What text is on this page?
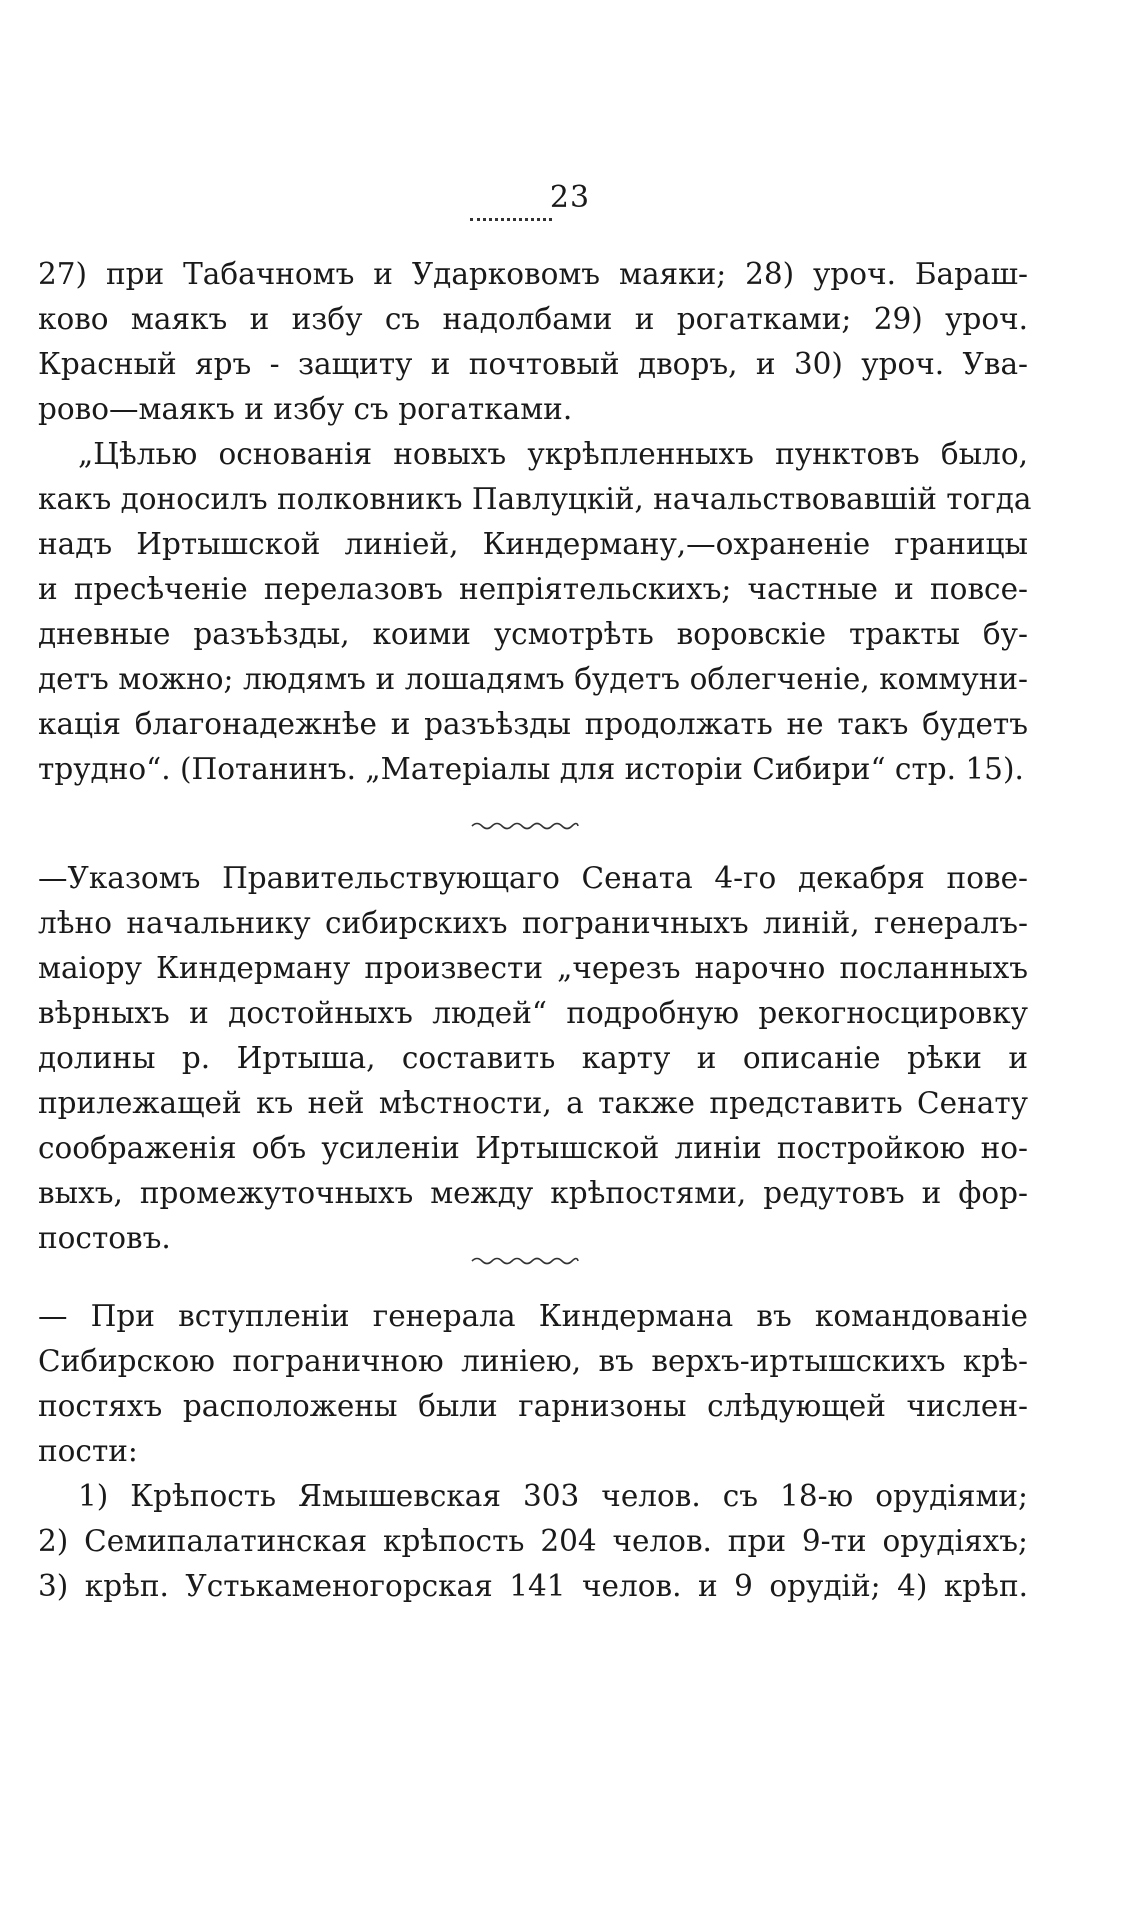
23
27) при Табачномъ и Ударковомъ маяки; 28) уроч. Барaш-
ково маякъ и избу съ надолбами и рогатками; 29) уроч.
Красный яръ - защиту и почтовый дворъ, и 30) уроч. Ува-
рово—маякъ и избу съ рогатками.
„Цѣлью основанія новыхъ укрѣпленныхъ пунктовъ было,
какъ доносилъ полковникъ Павлуцкій, начальствовавшій тогда
надъ Иртышской линіей, Киндерману,—охраненіе границы
и пресѣченіе перелазовъ непріятельскихъ; частные и повсе-
дневные разъѣзды, коими усмотрѣть воровскіе тракты бу-
детъ можно; людямъ и лошадямъ будетъ облегченіе, коммуни-
кація благонадежнѣе и разъѣзды продолжать не такъ будетъ
трудно“. (Потанинъ. „Матеріалы для исторіи Сибири“ стр. 15).
—Указомъ Правительствующаго Сената 4-го декабря пове-
лѣно начальнику сибирскихъ пограничныхъ линій, генералъ-
маіору Киндерману произвести „черезъ нарочно посланныхъ
вѣрныхъ и достойныхъ людей“ подробную рекогносцировку
долины р. Иртыша, составить карту и описаніе рѣки и
прилежащей къ ней мѣстности, а также представить Сенату
соображенія объ усиленіи Иртышской линіи постройкою но-
выхъ, промежуточныхъ между крѣпостями, редутовъ и фор-
постовъ.
— При вступленіи генерала Киндермана въ командованіе
Сибирскою пограничною линіею, въ верхъ-иртышскихъ крѣ-
постяхъ расположены были гарнизоны слѣдующей числен-
пости:
1) Крѣпость Ямышевская 303 челов. съ 18-ю орудіями;
2) Семипалатинская крѣпость 204 челов. при 9-ти орудіяхъ;
3) крѣп. Устькаменогорская 141 челов. и 9 орудій; 4) крѣп.
